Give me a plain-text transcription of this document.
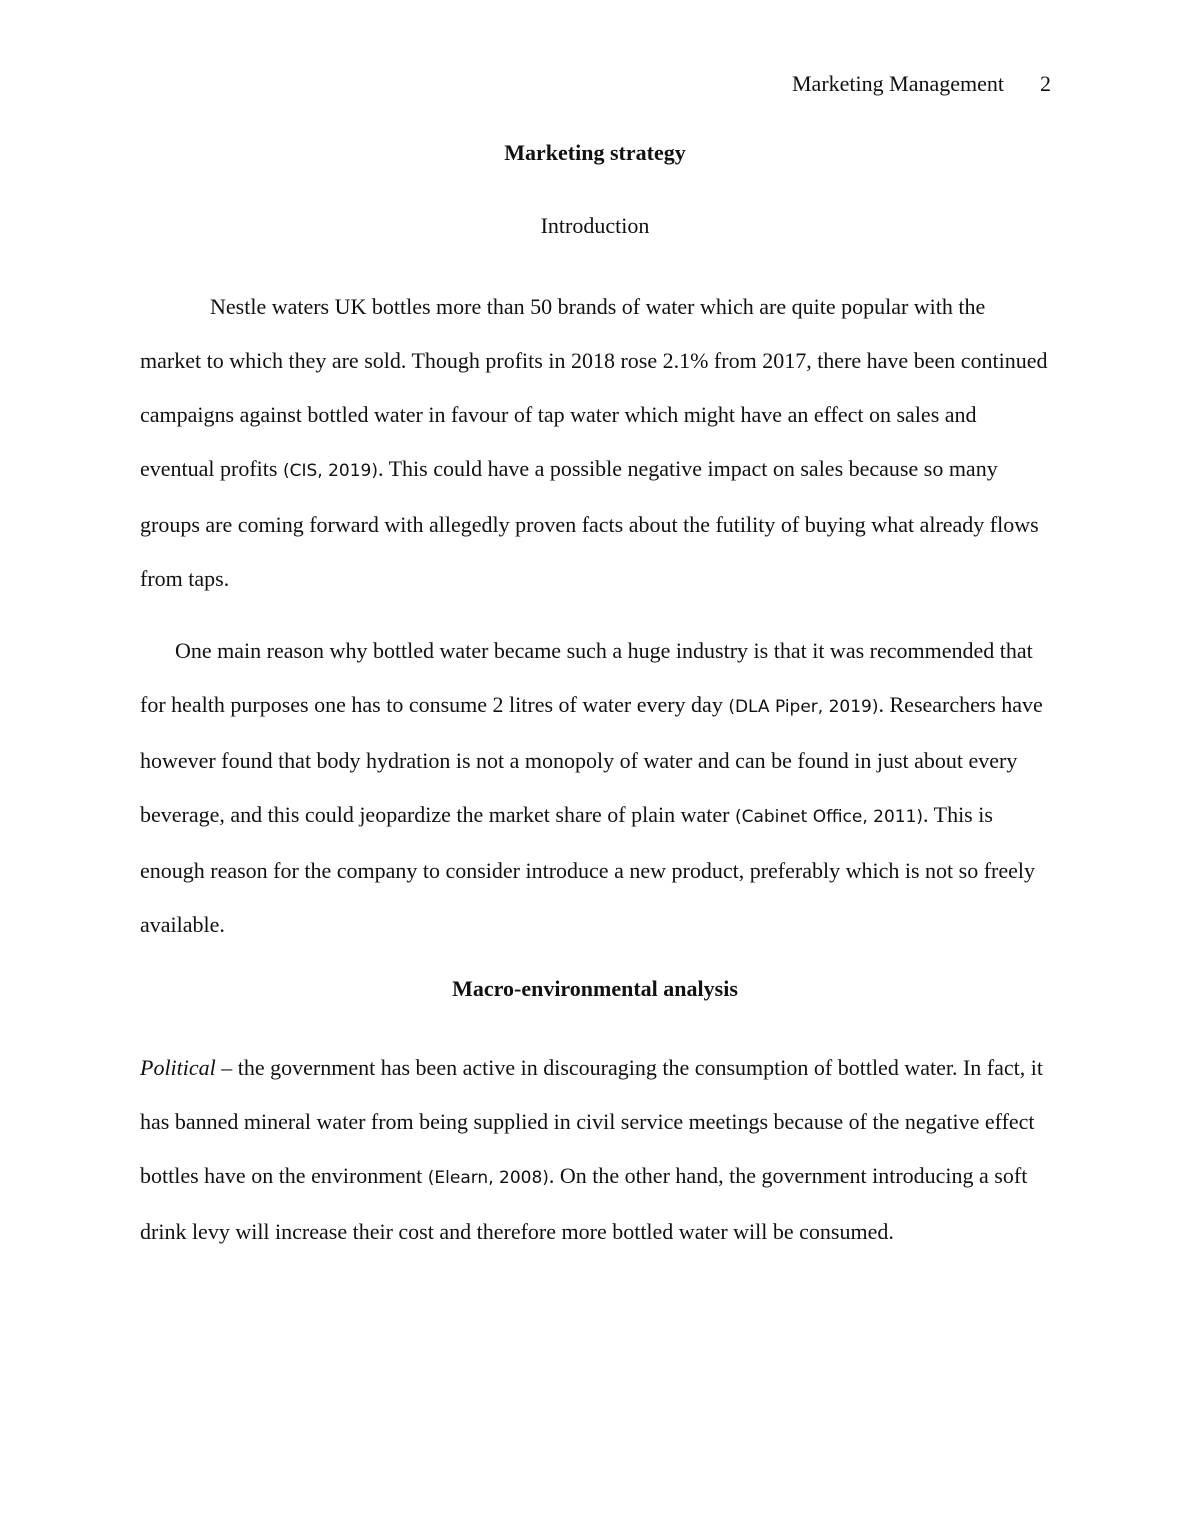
Marketing Management 2
Marketing strategy
Introduction

Nestle waters UK bottles more than 50 brands of water which are quite popular with the market to which they are sold. Though profits in 2018 rose 2.1% from 2017, there have been continued campaigns against bottled water in favour of tap water which might have an effect on sales and eventual profits (CIS, 2019). This could have a possible negative impact on sales because so many groups are coming forward with allegedly proven facts about the futility of buying what already flows from taps.

One main reason why bottled water became such a huge industry is that it was recommended that for health purposes one has to consume 2 litres of water every day (DLA Piper, 2019). Researchers have however found that body hydration is not a monopoly of water and can be found in just about every beverage, and this could jeopardize the market share of plain water (Cabinet Office, 2011). This is enough reason for the company to consider introduce a new product, preferably which is not so freely available.

Macro-environmental analysis

Political – the government has been active in discouraging the consumption of bottled water. In fact, it has banned mineral water from being supplied in civil service meetings because of the negative effect bottles have on the environment (Elearn, 2008). On the other hand, the government introducing a soft drink levy will increase their cost and therefore more bottled water will be consumed.
